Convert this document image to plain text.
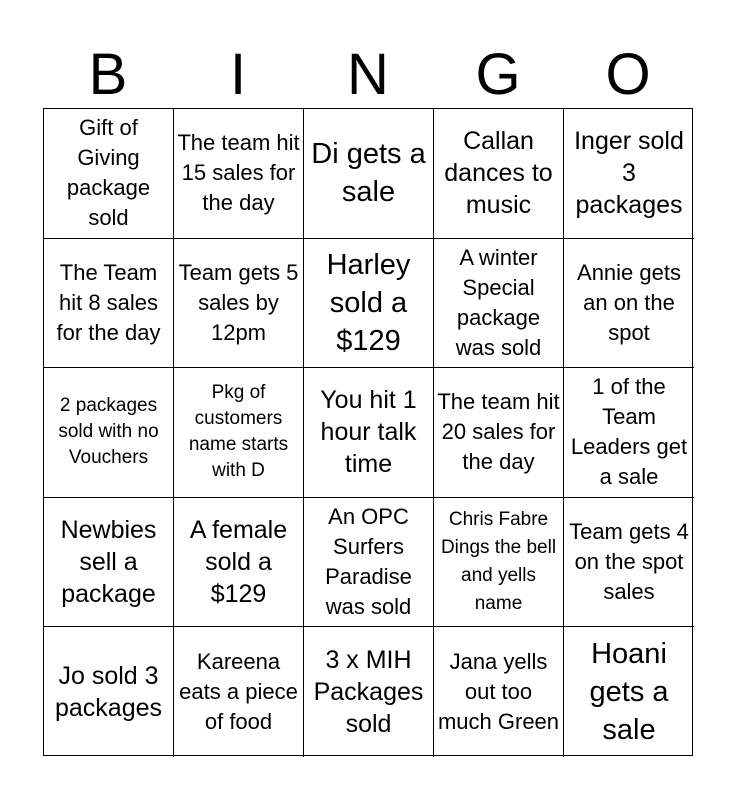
B	I	N	G	O
Gift of Giving package sold
The team hit 15 sales for the day
Di gets a sale
Callan dances to music
Inger sold 3 packages
The Team hit 8 sales for the day
Team gets 5 sales by 12pm
Harley sold a $129
A winter Special package was sold
Annie gets an on the spot
2 packages sold with no Vouchers
Pkg of customers name starts with D
You hit 1 hour talk time
The team hit 20 sales for the day
1 of the Team Leaders get a sale
Newbies sell a package
A female sold a $129
An OPC Surfers Paradise was sold
Chris Fabre Dings the bell and yells name
Team gets 4 on the spot sales
Jo sold 3 packages
Kareena eats a piece of food
3 x MIH Packages sold
Jana yells out too much Green
Hoani gets a sale
